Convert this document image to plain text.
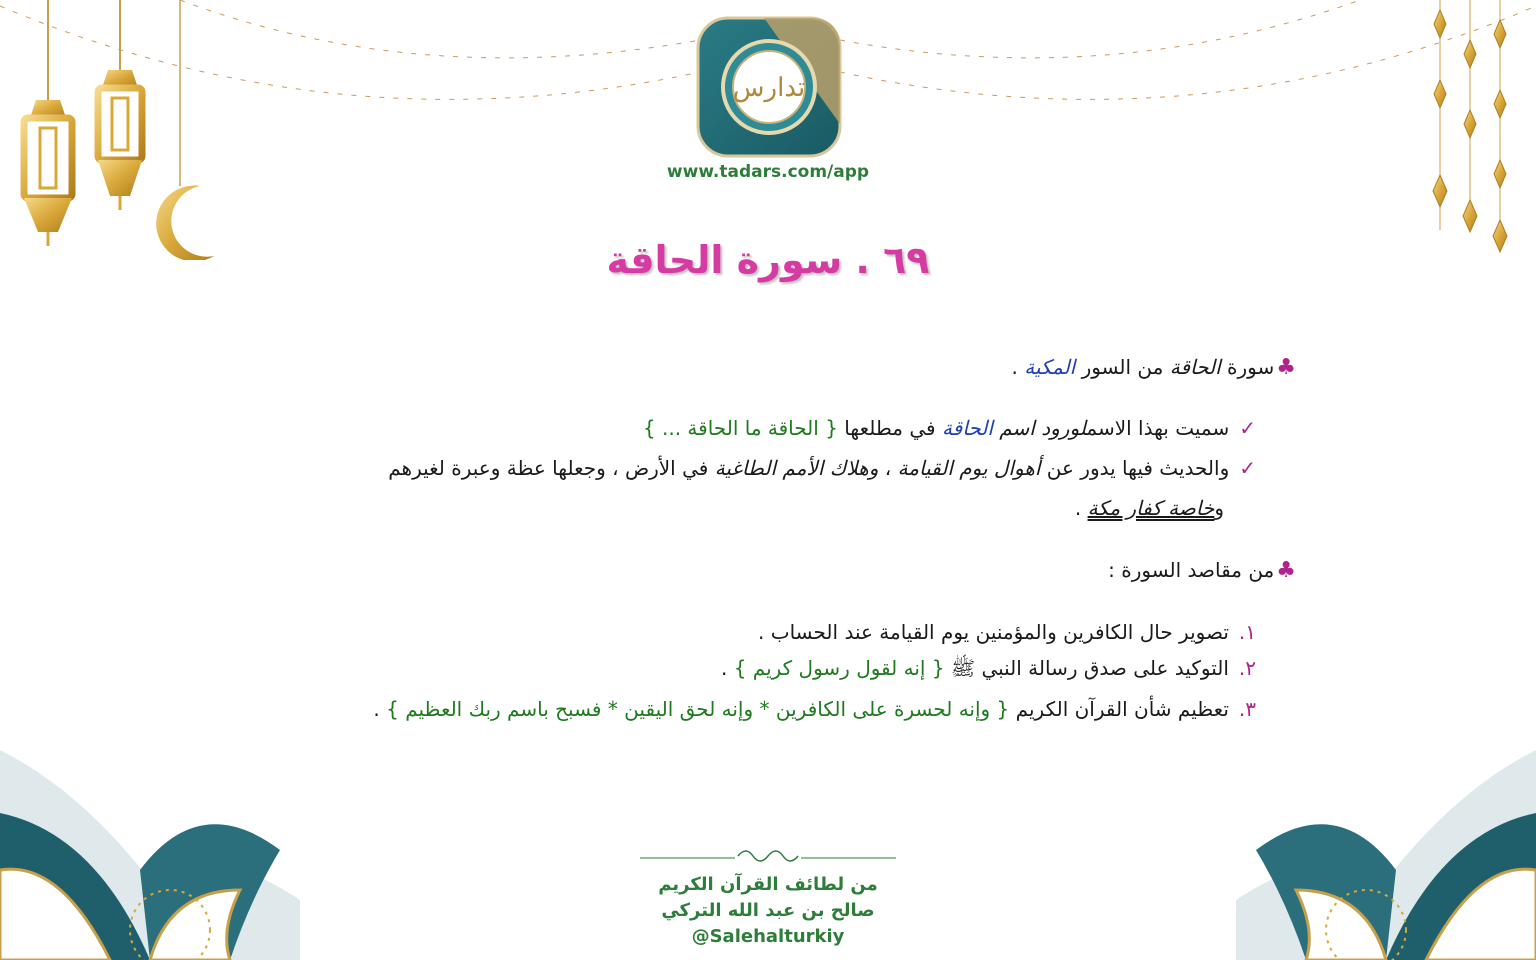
تدارس
www.tadars.com/app
٦٩ . سورة الحاقة
♣سورة الحاقة من السور المكية .
✓سميت بهذا الاسملورود اسم الحاقة في مطلعها { الحاقة ما الحاقة ... }
✓والحديث فيها يدور عن أهوال يوم القيامة ، وهلاك الأمم الطاغية في الأرض ، وجعلها عظة وعبرة لغيرهم
وخاصة كفار مكة .
♣من مقاصد السورة :
١.تصوير حال الكافرين والمؤمنين يوم القيامة عند الحساب .
٢.التوكيد على صدق رسالة النبي ﷺ { إنه لقول رسول كريم } .
٣.تعظيم شأن القرآن الكريم { وإنه لحسرة على الكافرين * وإنه لحق اليقين * فسبح باسم ربك العظيم } .
من لطائف القرآن الكريم
صالح بن عبد الله التركي
@Salehalturkiy
